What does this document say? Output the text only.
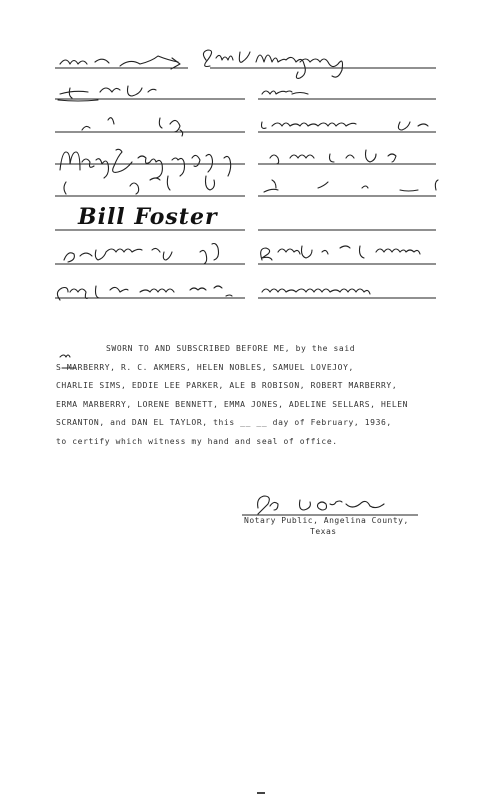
Bill Foster
SWORN TO AND SUBSCRIBED BEFORE ME, by the said
S MARBERRY, R. C. AKMERS, HELEN NOBLES, SAMUEL LOVEJOY,
CHARLIE SIMS, EDDIE LEE PARKER, ALE B ROBISON, ROBERT MARBERRY,
ERMA MARBERRY, LORENE BENNETT, EMMA JONES, ADELINE SELLARS, HELEN
SCRANTON, and DAN EL TAYLOR, this __ __ day of February, 1936,
to certify which witness my hand and seal of office.
Notary Public, Angelina County,
Texas
